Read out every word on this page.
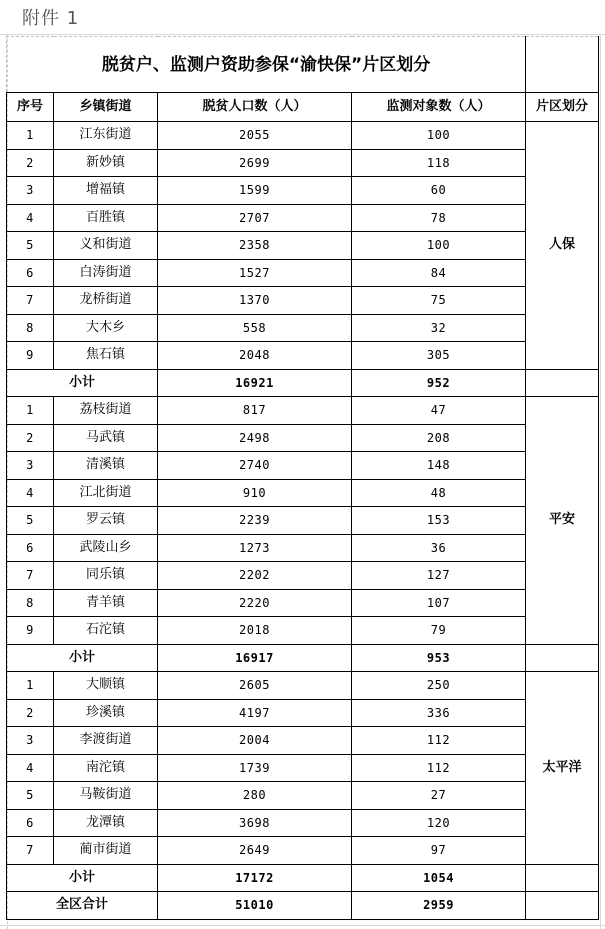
附件 1
脱贫户、监测户资助参保“渝快保”片区划分				
序号	乡镇街道	脱贫人口数（人）	监测对象数（人）	片区划分
1	江东街道	2055	100	人保
2	新妙镇	2699	118	
3	增福镇	1599	60	
4	百胜镇	2707	78	
5	义和街道	2358	100	
6	白涛街道	1527	84	
7	龙桥街道	1370	75	
8	大木乡	558	32	
9	焦石镇	2048	305	
小计		16921	952	
1	荔枝街道	817	47	平安
2	马武镇	2498	208	
3	清溪镇	2740	148	
4	江北街道	910	48	
5	罗云镇	2239	153	
6	武陵山乡	1273	36	
7	同乐镇	2202	127	
8	青羊镇	2220	107	
9	石沱镇	2018	79	
小计		16917	953	
1	大顺镇	2605	250	太平洋
2	珍溪镇	4197	336	
3	李渡街道	2004	112	
4	南沱镇	1739	112	
5	马鞍街道	280	27	
6	龙潭镇	3698	120	
7	蔺市街道	2649	97	
小计		17172	1054	
全区合计		51010	2959	
